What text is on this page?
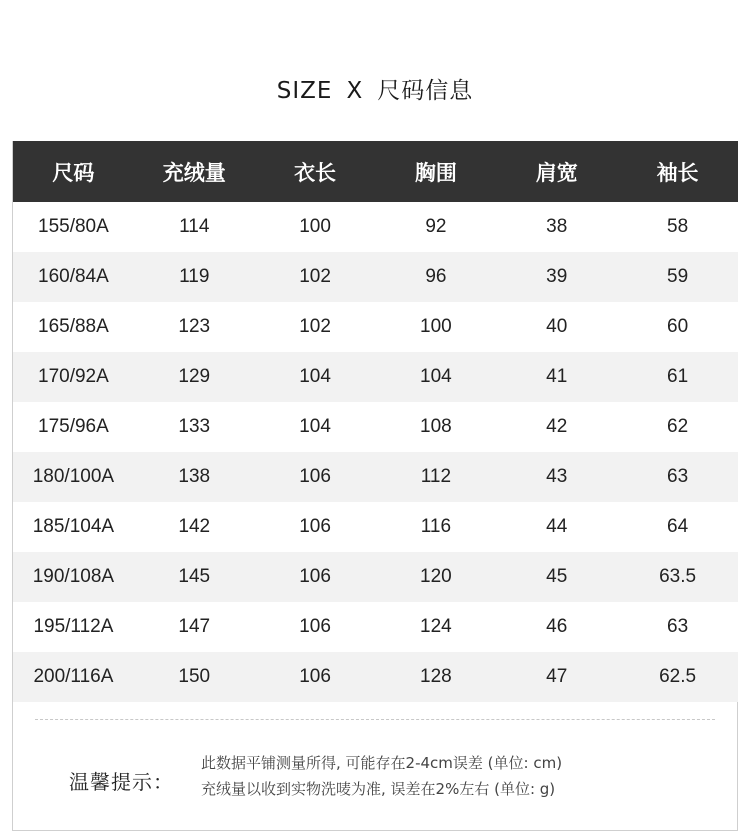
SIZE X 尺码信息
尺码	充绒量	衣长	胸围	肩宽	袖长
155/80A	114	100	92	38	58
160/84A	119	102	96	39	59
165/88A	123	102	100	40	60
170/92A	129	104	104	41	61
175/96A	133	104	108	42	62
180/100A	138	106	112	43	63
185/104A	142	106	116	44	64
190/108A	145	106	120	45	63.5
195/112A	147	106	124	46	63
200/116A	150	106	128	47	62.5
温馨提示：
此数据平铺测量所得, 可能存在2-4cm误差 (单位: cm)
充绒量以收到实物洗唛为准, 误差在2%左右 (单位: g)
